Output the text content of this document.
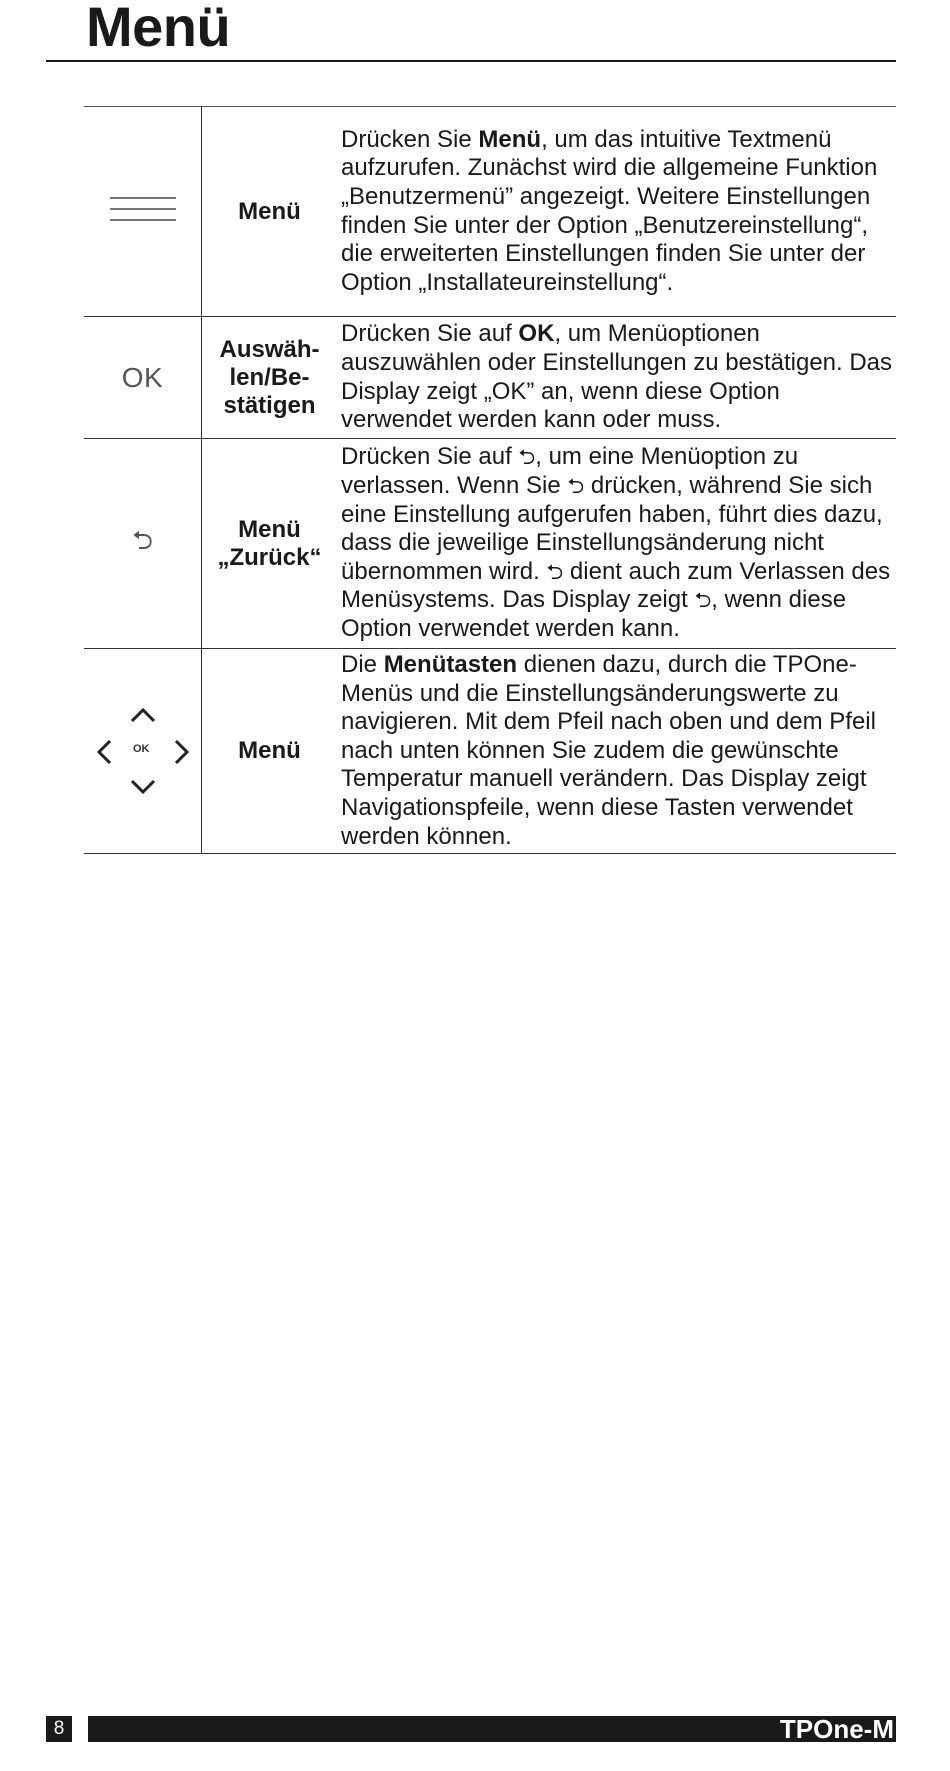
Menü
	Menü	Drücken Sie Menü, um das intuitive Textmenü aufzurufen. Zunächst wird die allgemeine Funktion „Benutzermenü” angezeigt. Weitere Einstellungen finden Sie unter der Option „Benutzereinstellung“, die erweiterten Einstellungen finden Sie unter der Option „Installateureinstellung“.
OK	Auswäh-
len/Be-
stätigen	Drücken Sie auf OK, um Menüoptionen auszuwählen oder Einstellungen zu bestätigen. Das Display zeigt „OK” an, wenn diese Option verwendet werden kann oder muss.
⮌	Menü
„Zurück“	Drücken Sie auf ⮌, um eine Menüoption zu verlassen. Wenn Sie ⮌ drücken, während Sie sich eine Einstellung aufgerufen haben, führt dies dazu, dass die jeweilige Einstellungsänderung nicht übernommen wird. ⮌ dient auch zum Verlassen des Menüsystems. Das Display zeigt ⮌, wenn diese Option verwendet werden kann.

OK	Menü	Die Menütasten dienen dazu, durch die TPOne-Menüs und die Einstellungsänderungswerte zu navigieren. Mit dem Pfeil nach oben und dem Pfeil nach unten können Sie zudem die gewünschte Temperatur manuell verändern. Das Display zeigt Navigationspfeile, wenn diese Tasten verwendet werden können.
8	TPOne-M
